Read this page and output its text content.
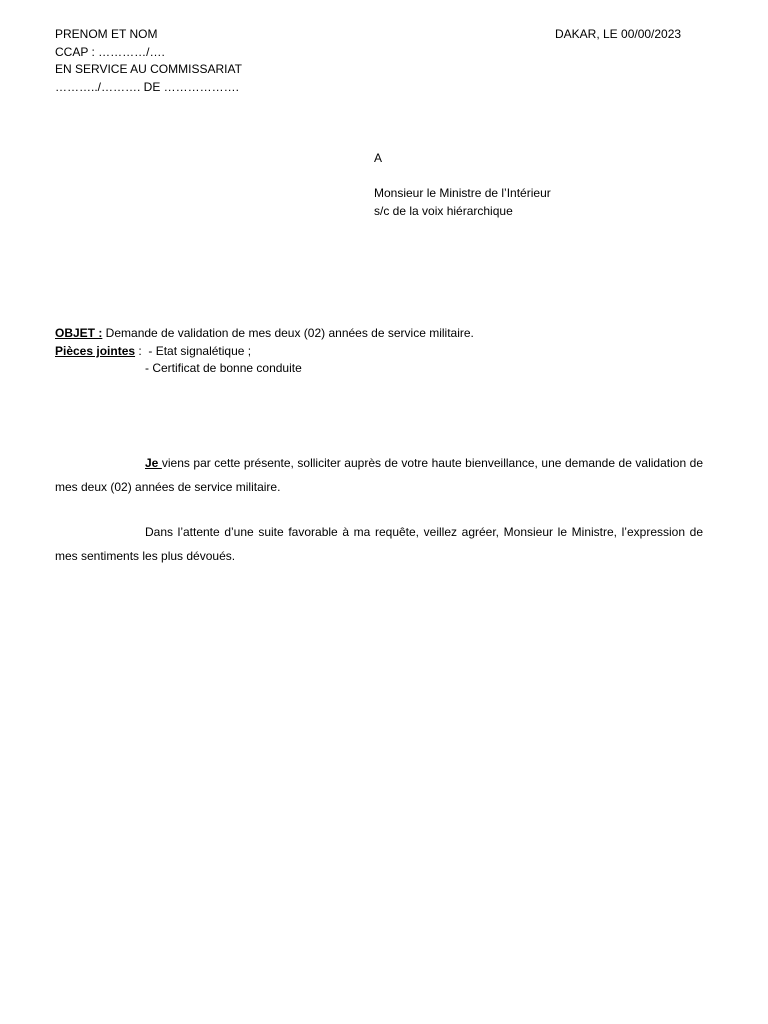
PRENOM ET NOM
CCAP : …………/….
EN SERVICE AU COMMISSARIAT
………../………. DE ……………….
DAKAR, LE 00/00/2023
A
Monsieur le Ministre de l’Intérieur
s/c de la voix hiérarchique
OBJET : Demande de validation de mes deux (02) années de service militaire.
Pièces jointes :  - Etat signalétique ;
- Certificat de bonne conduite

Je viens par cette présente, solliciter auprès de votre haute bienveillance, une demande de validation de mes deux (02) années de service militaire.

Dans l’attente d’une suite favorable à ma requête, veillez agréer, Monsieur le Ministre, l’expression de mes sentiments les plus dévoués.
